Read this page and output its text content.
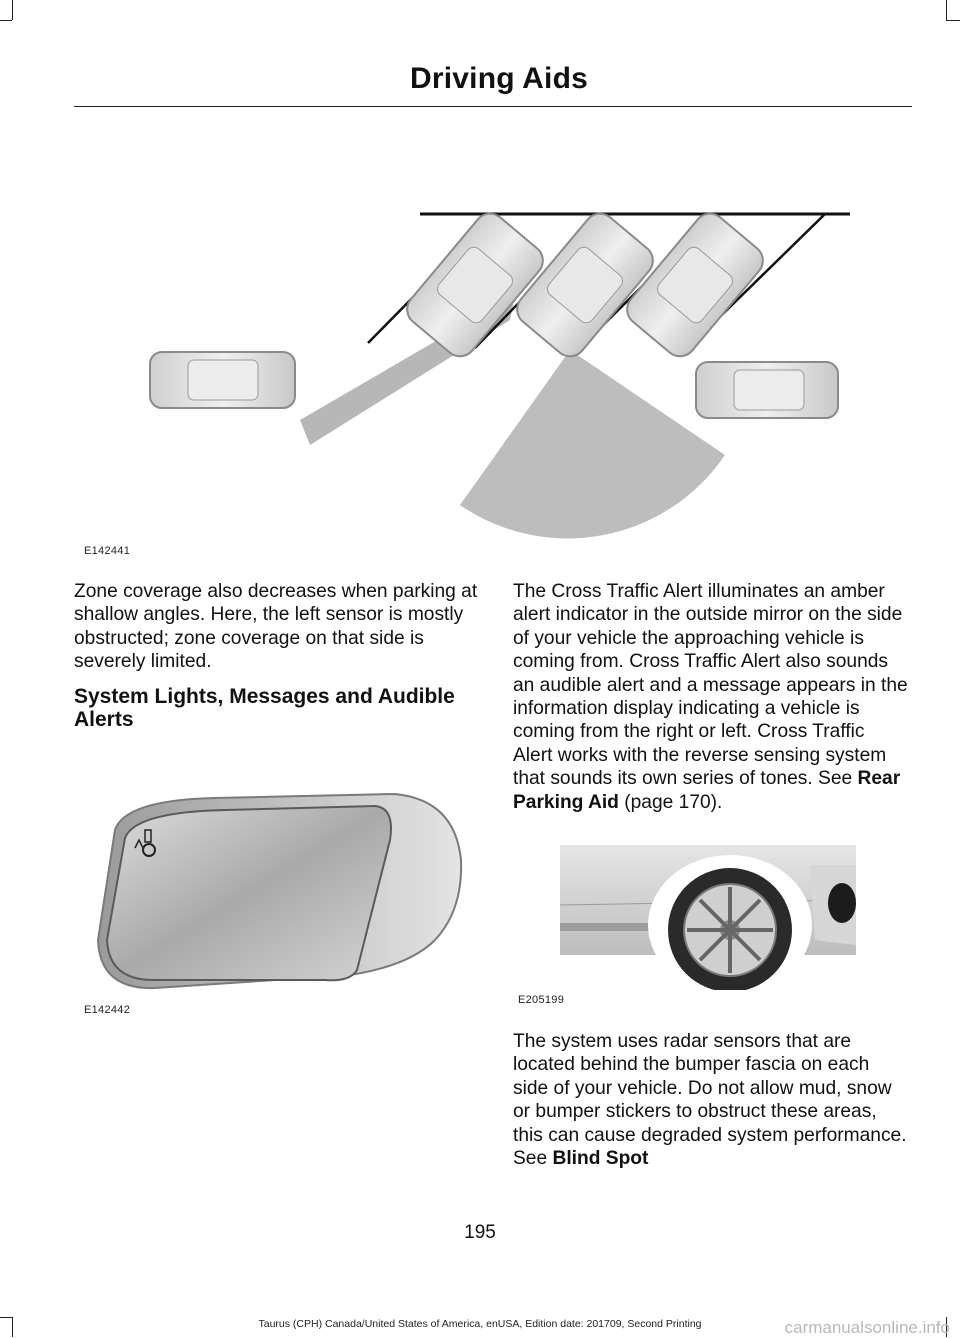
Driving Aids
E142441

Zone coverage also decreases when parking at shallow angles. Here, the left sensor is mostly obstructed; zone coverage on that side is severely limited.

System Lights, Messages and Audible Alerts
E142442

The Cross Traffic Alert illuminates an amber alert indicator in the outside mirror on the side of your vehicle the approaching vehicle is coming from. Cross Traffic Alert also sounds an audible alert and a message appears in the information display indicating a vehicle is coming from the right or left. Cross Traffic Alert works with the reverse sensing system that sounds its own series of tones. See Rear Parking Aid (page 170).

E205199

The system uses radar sensors that are located behind the bumper fascia on each side of your vehicle. Do not allow mud, snow or bumper stickers to obstruct these areas, this can cause degraded system performance. See Blind Spot

195
Taurus (CPH) Canada/United States of America, enUSA, Edition date: 201709, Second Printing	carmanualsonline.info
